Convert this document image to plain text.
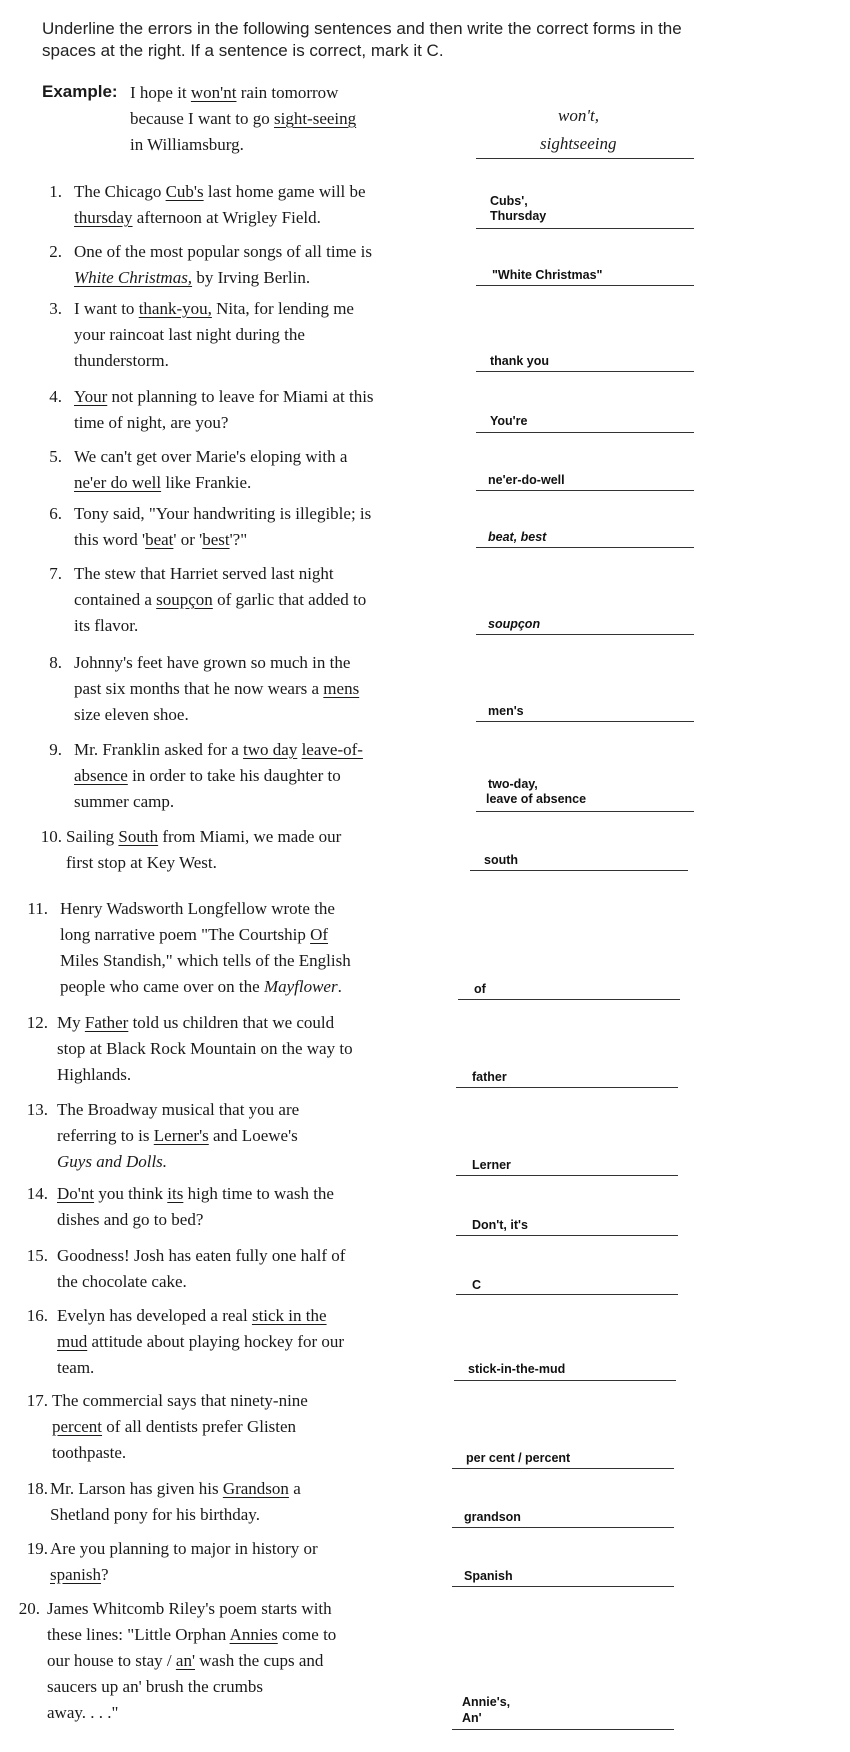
Underline the errors in the following sentences and then write the correct forms in the spaces at the right. If a sentence is correct, mark it C.
Example: I hope it won'nt rain tomorrow
because I want to go sight-seeing
in Williamsburg.
won't,
sightseeing
1. The Chicago Cub's last home game will be
thursday afternoon at Wrigley Field.
Cubs',
Thursday
2. One of the most popular songs of all time is
White Christmas, by Irving Berlin.	"White Christmas"
3. I want to thank-you, Nita, for lending me
your raincoat last night during the
thunderstorm.	thank you
4. Your not planning to leave for Miami at this
time of night, are you?	You're
5. We can't get over Marie's eloping with a
ne'er do well like Frankie.	ne'er-do-well
6. Tony said, "Your handwriting is illegible; is
this word 'beat' or 'best'?"	beat, best
7. The stew that Harriet served last night
contained a soupçon of garlic that added to
its flavor.	soupçon
8. Johnny's feet have grown so much in the
past six months that he now wears a mens
size eleven shoe.	men's
9. Mr. Franklin asked for a two day leave-of-
absence in order to take his daughter to
summer camp.
two-day,
leave of absence
10. Sailing South from Miami, we made our
first stop at Key West.	south
11. Henry Wadsworth Longfellow wrote the
long narrative poem "The Courtship Of
Miles Standish," which tells of the English
people who came over on the Mayflower.	of
12. My Father told us children that we could
stop at Black Rock Mountain on the way to
Highlands.	father
13. The Broadway musical that you are
referring to is Lerner's and Loewe's
Guys and Dolls.	Lerner
14. Do'nt you think its high time to wash the
dishes and go to bed?	Don't, it's
15. Goodness! Josh has eaten fully one half of
the chocolate cake.	C
16. Evelyn has developed a real stick in the
mud attitude about playing hockey for our
team.	stick-in-the-mud
17. The commercial says that ninety-nine
percent of all dentists prefer Glisten
toothpaste.	per cent / percent
18. Mr. Larson has given his Grandson a
Shetland pony for his birthday.	grandson
19. Are you planning to major in history or
spanish?	Spanish
20. James Whitcomb Riley's poem starts with
these lines: "Little Orphan Annies come to
our house to stay / an' wash the cups and
saucers up an' brush the crumbs
away. . . ."
Annie's,
An'
